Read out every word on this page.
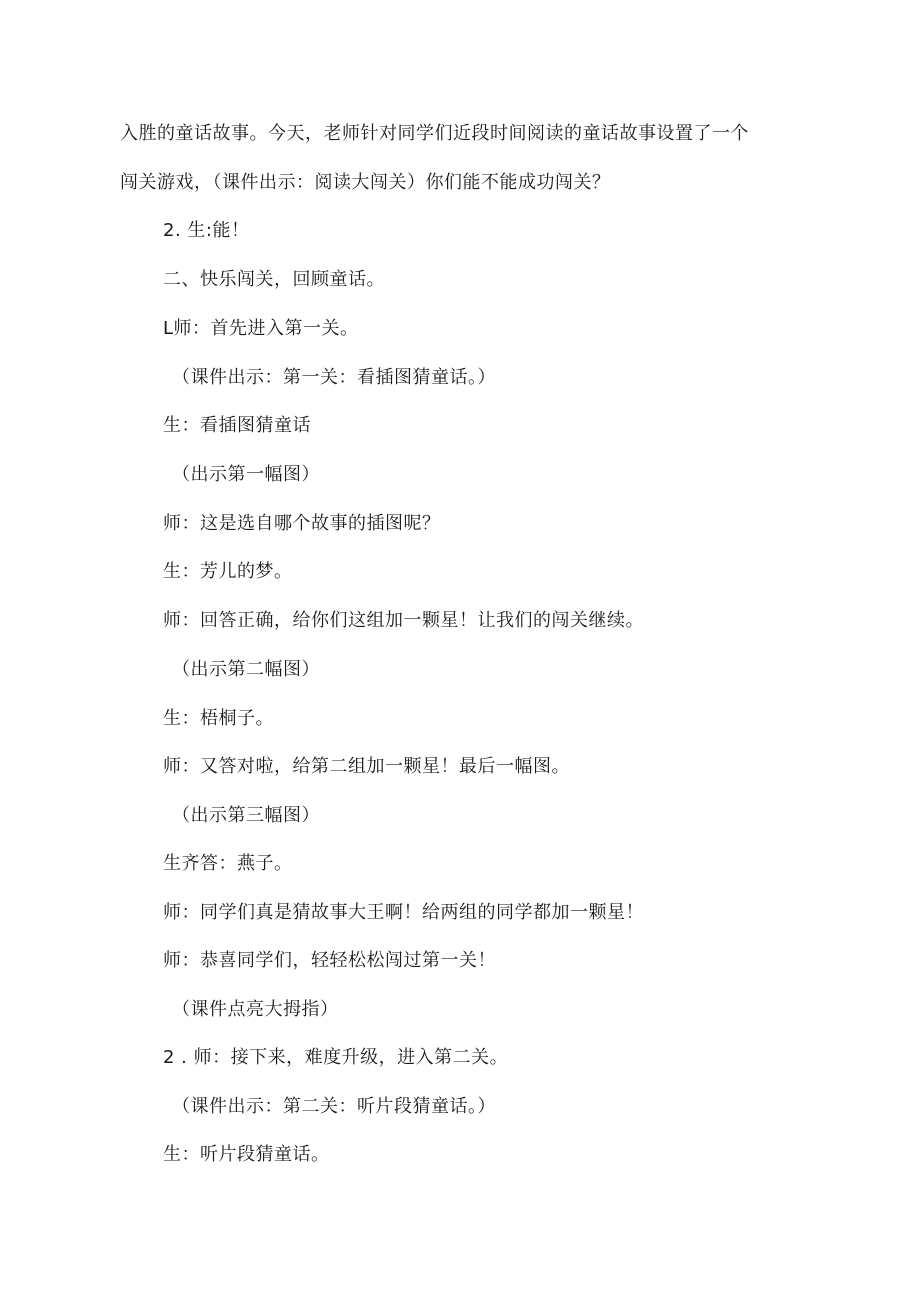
入胜的童话故事。今天，老师针对同学们近段时间阅读的童话故事设置了一个
闯关游戏，（课件出示：阅读大闯关）你们能不能成功闯关？
2. 生:能！
二、快乐闯关，回顾童话。
L师：首先进入第一关。
（课件出示：第一关：看插图猜童话。）
生：看插图猜童话
（出示第一幅图）
师：这是选自哪个故事的插图呢？
生：芳儿的梦。
师：回答正确，给你们这组加一颗星！让我们的闯关继续。
（出示第二幅图）
生：梧桐子。
师：又答对啦，给第二组加一颗星！最后一幅图。
（出示第三幅图）
生齐答：燕子。
师：同学们真是猜故事大王啊！给两组的同学都加一颗星！
师：恭喜同学们，轻轻松松闯过第一关！
（课件点亮大拇指）
2 . 师：接下来，难度升级，进入第二关。
（课件出示：第二关：听片段猜童话。）
生：听片段猜童话。
